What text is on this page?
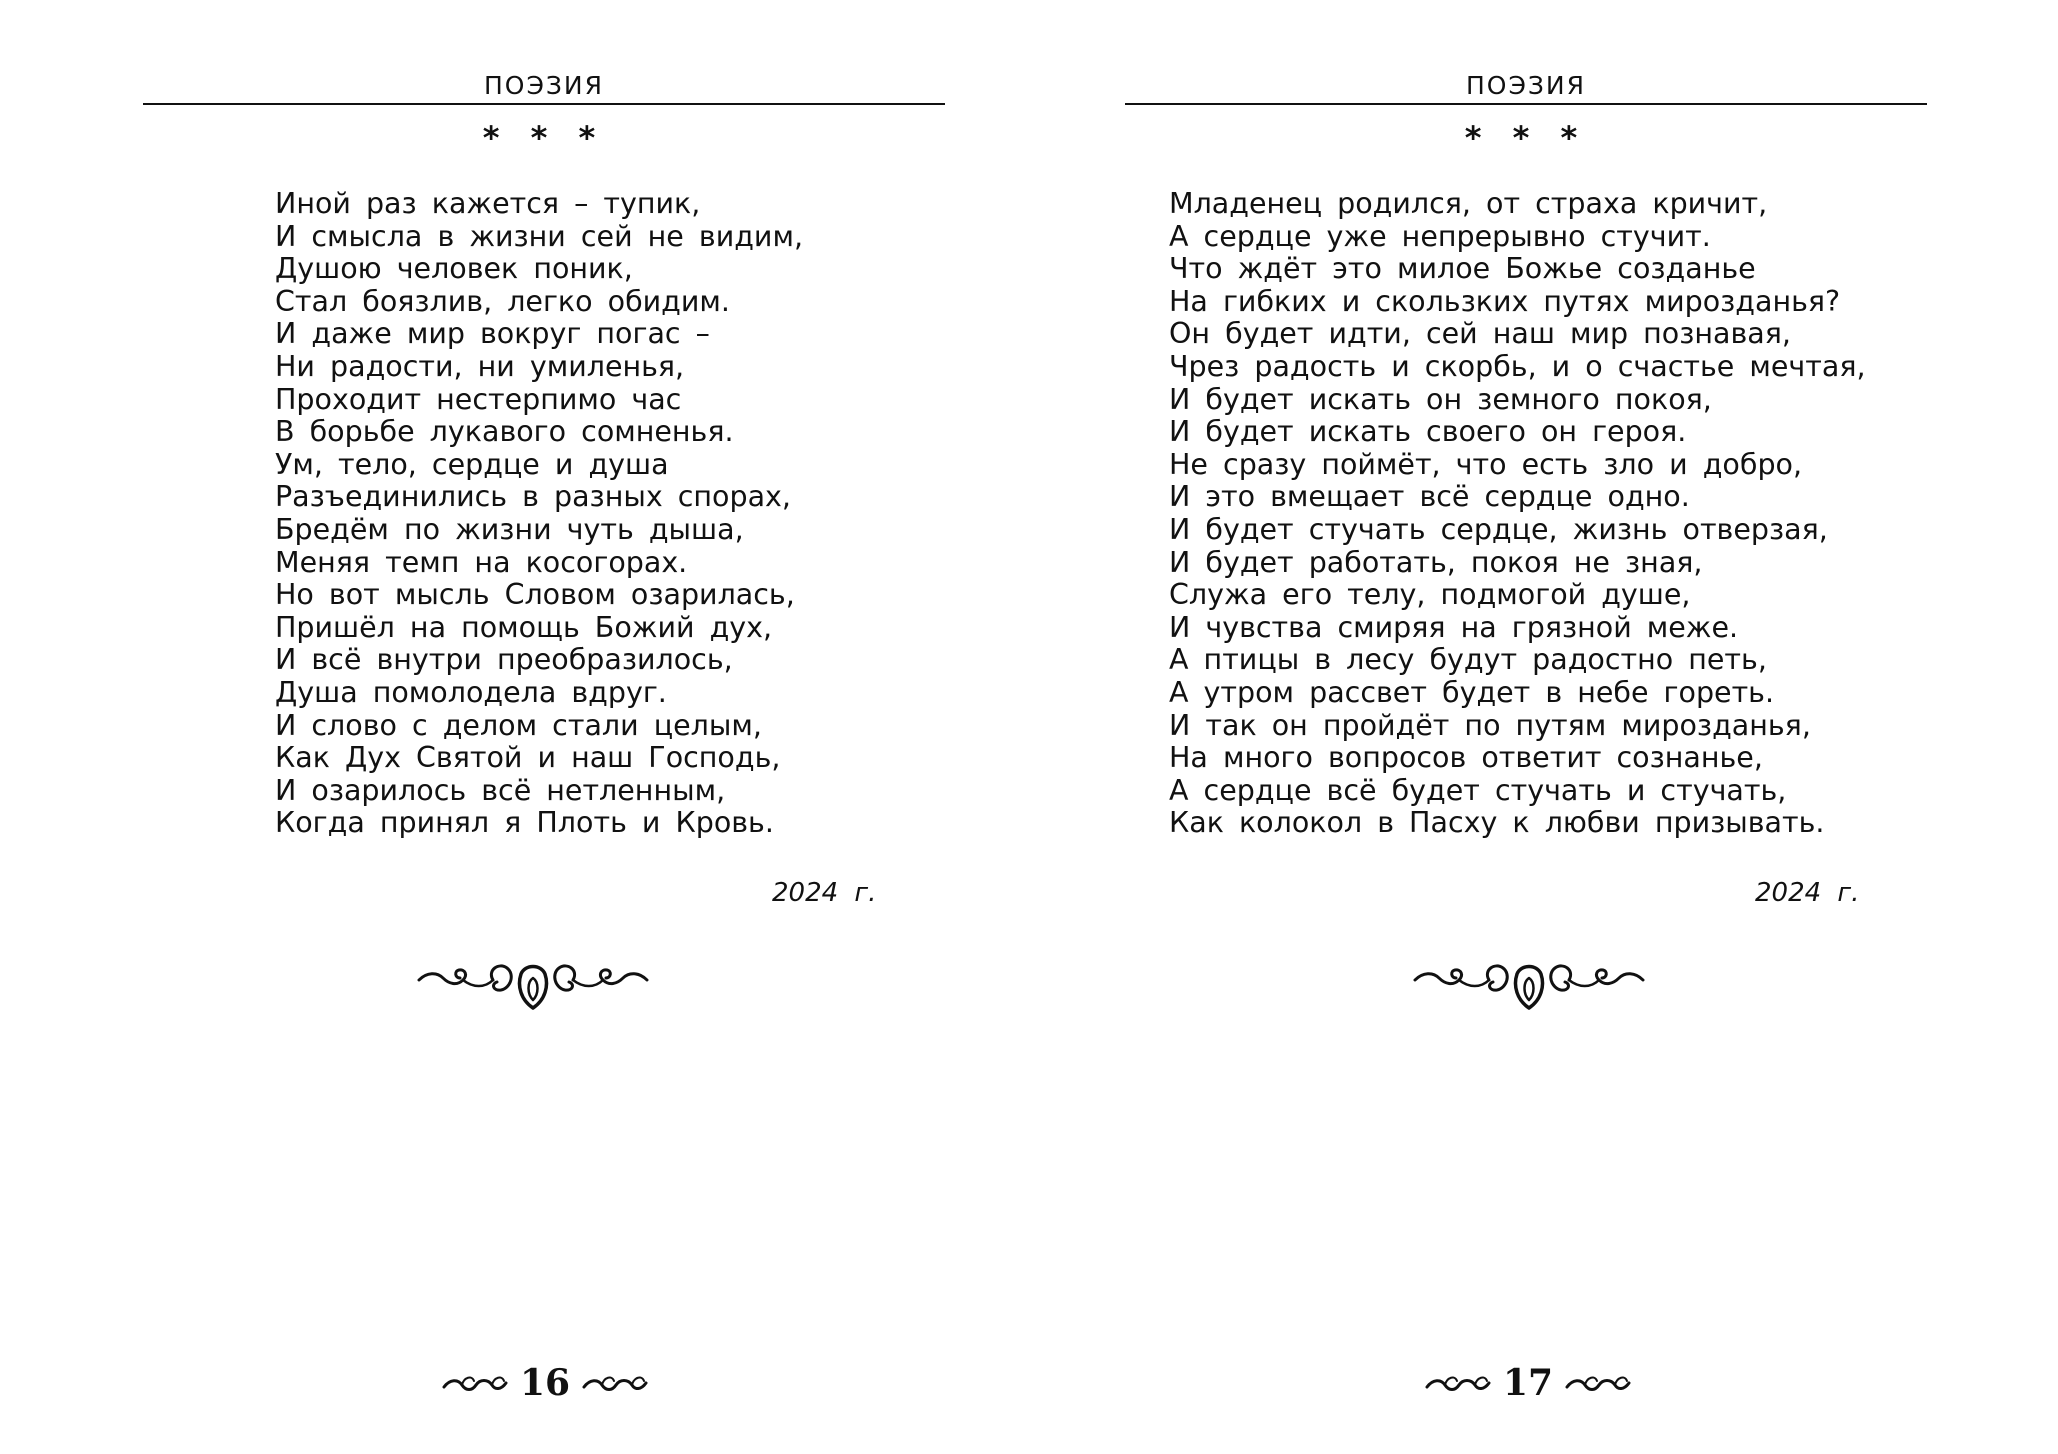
ПОЭЗИЯ
* * *
Иной раз кажется – тупик,
И смысла в жизни сей не видим,
Душою человек поник,
Стал боязлив, легко обидим.
И даже мир вокруг погас –
Ни радости, ни умиленья,
Проходит нестерпимо час
В борьбе лукавого сомненья.
Ум, тело, сердце и душа
Разъединились в разных спорах,
Бредём по жизни чуть дыша,
Меняя темп на косогорах.
Но вот мысль Словом озарилась,
Пришёл на помощь Божий дух,
И всё внутри преобразилось,
Душа помолодела вдруг.
И слово с делом стали целым,
Как Дух Святой и наш Господь,
И озарилось всё нетленным,
Когда принял я Плоть и Кровь.
2024 г.
16
ПОЭЗИЯ
* * *
Младенец родился, от страха кричит,
А сердце уже непрерывно стучит.
Что ждёт это милое Божье созданье
На гибких и скользких путях мирозданья?
Он будет идти, сей наш мир познавая,
Чрез радость и скорбь, и о счастье мечтая,
И будет искать он земного покоя,
И будет искать своего он героя.
Не сразу поймёт, что есть зло и добро,
И это вмещает всё сердце одно.
И будет стучать сердце, жизнь отверзая,
И будет работать, покоя не зная,
Служа его телу, подмогой душе,
И чувства смиряя на грязной меже.
А птицы в лесу будут радостно петь,
А утром рассвет будет в небе гореть.
И так он пройдёт по путям мирозданья,
На много вопросов ответит сознанье,
А сердце всё будет стучать и стучать,
Как колокол в Пасху к любви призывать.
2024 г.
17
